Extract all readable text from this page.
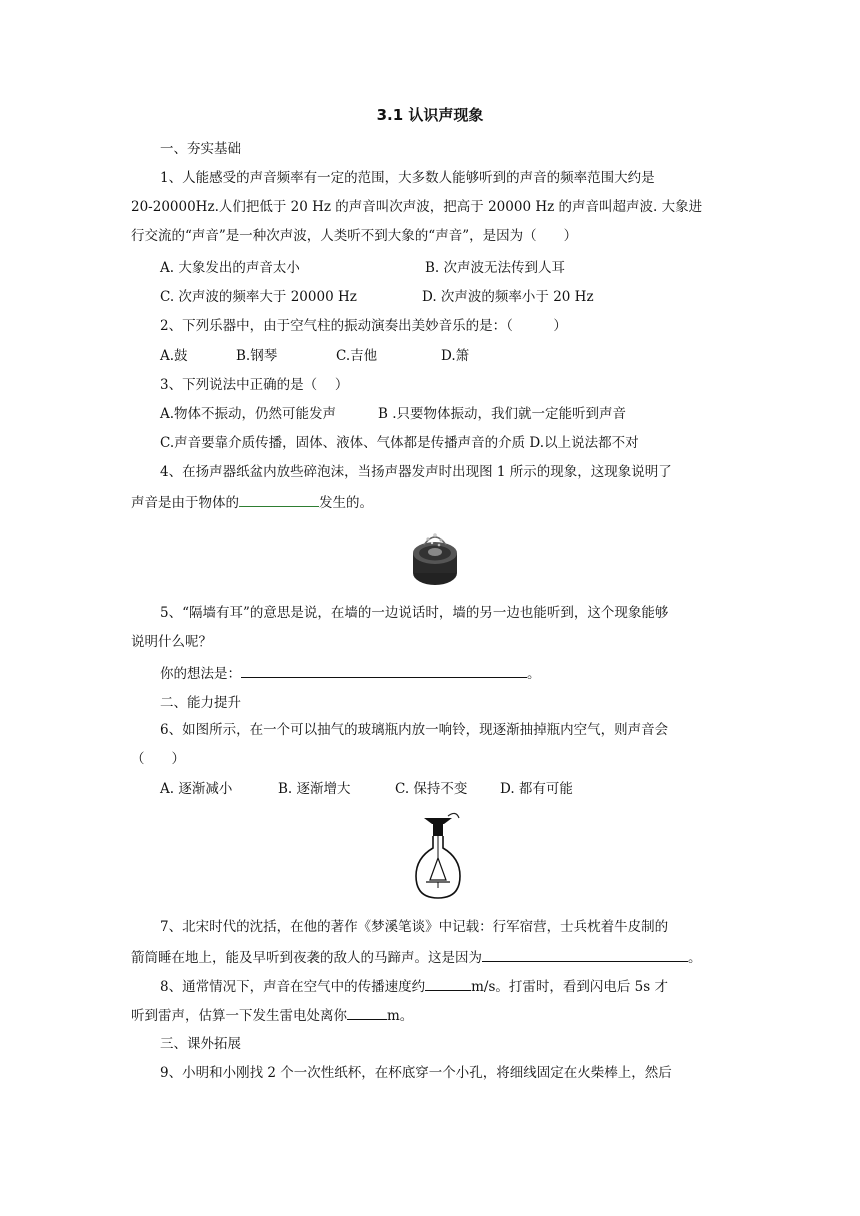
3.1 认识声现象
一、夯实基础
1、人能感受的声音频率有一定的范围，大多数人能够听到的声音的频率范围大约是
20-20000Hz.人们把低于 20 Hz 的声音叫次声波，把高于 20000 Hz 的声音叫超声波. 大象进
行交流的“声音”是一种次声波，人类听不到大象的“声音”，是因为（　　）
A. 大象发出的声音太小	B. 次声波无法传到人耳
C. 次声波的频率大于 20000 Hz	D. 次声波的频率小于 20 Hz
2、下列乐器中，由于空气柱的振动演奏出美妙音乐的是：（　　　）
A.鼓	B.钢琴	C.吉他	D.箫
3、下列说法中正确的是（　 ）
A.物体不振动，仍然可能发声	B .只要物体振动，我们就一定能听到声音
C.声音要靠介质传播，固体、液体、气体都是传播声音的介质 D.以上说法都不对
4、在扬声器纸盆内放些碎泡沫，当扬声器发声时出现图 1 所示的现象，这现象说明了
声音是由于物体的	发生的。
5、“隔墙有耳”的意思是说，在墙的一边说话时，墙的另一边也能听到，这个现象能够
说明什么呢？
你的想法是：	。
二、能力提升
6、如图所示，在一个可以抽气的玻璃瓶内放一响铃，现逐渐抽掉瓶内空气，则声音会
（　　）
A. 逐渐减小	B. 逐渐增大	C. 保持不变 D. 都有可能
7、北宋时代的沈括，在他的著作《梦溪笔谈》中记载：行军宿营，士兵枕着牛皮制的
箭筒睡在地上，能及早听到夜袭的敌人的马蹄声。这是因为	。
8、通常情况下，声音在空气中的传播速度约	m/s。打雷时，看到闪电后 5s 才
听到雷声，估算一下发生雷电处离你	m。
三、课外拓展
9、小明和小刚找 2 个一次性纸杯，在杯底穿一个小孔，将细线固定在火柴棒上，然后
